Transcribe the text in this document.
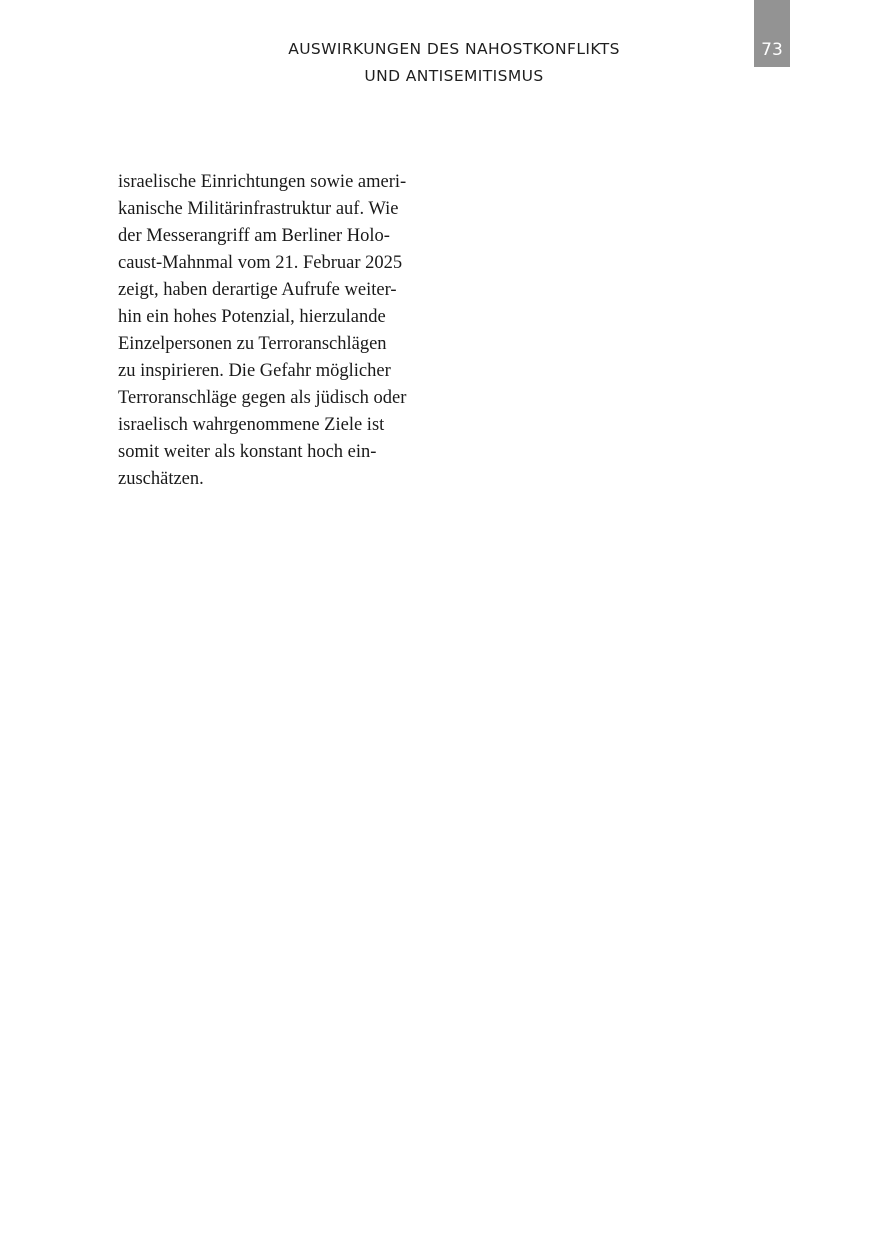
AUSWIRKUNGEN DES NAHOSTKONFLIKTS
UND ANTISEMITISMUS
73
israelische Einrichtungen sowie ameri-
kanische Militärinfrastruktur auf. Wie
der Messerangriff am Berliner Holo-
caust-Mahnmal vom 21. Februar 2025
zeigt, haben derartige Aufrufe weiter-
hin ein hohes Potenzial, hierzulande
Einzelpersonen zu Terroranschlägen
zu inspirieren. Die Gefahr möglicher
Terroranschläge gegen als jüdisch oder
israelisch wahrgenommene Ziele ist
somit weiter als konstant hoch ein-
zuschätzen.
